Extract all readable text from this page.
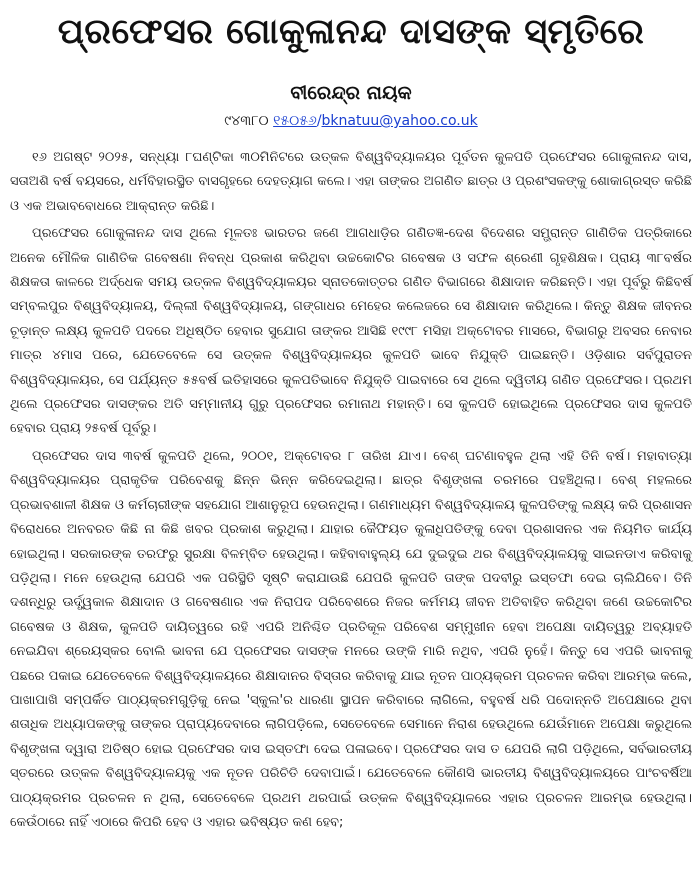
ପ୍ରଫେସର ଗୋକୁଳାନନ୍ଦ ଦାସଙ୍କ ସ୍ମୃତିରେ
ବୀରେନ୍ଦ୍ର ନାୟକ
୯୪୩୮୦ ୧୫୦୫୬/bknatuu@yahoo.co.uk

୧୬ ଅଗଷ୍ଟ ୨୦୨୫, ସନ୍ଧ୍ୟା ୮ଘଣ୍ଟିକା ୩୦ମିନିଟରେ ଉତ୍କଳ ବିଶ୍ୱବିଦ୍ୟାଳୟର ପୂର୍ବତନ କୁଳପତି ପ୍ରଫେସର ଗୋକୁଳାନନ୍ଦ ଦାସ, ସତାଅଶି ବର୍ଷ ବୟସରେ, ଧର୍ମବିହାରସ୍ଥିତ ବାସଗୃହରେ ଦେହତ୍ୟାଗ କଲେ। ଏହା ତାଙ୍କର ଅଗଣିତ ଛାତ୍ର ଓ ପ୍ରଶଂସକଙ୍କୁ ଶୋକାଗ୍ରସ୍ତ କରିଛି ଓ ଏକ ଅଭାବବୋଧରେ ଆକ୍ରାନ୍ତ କରିଛି।

ପ୍ରଫେସର ଗୋକୁଳାନନ୍ଦ ଦାସ ଥିଲେ ମୂଳତଃ ଭାରତର ଜଣେ ଆଗଧାଡ଼ିର ଗଣିତଜ୍ଞ-ଦେଶ ବିଦେଶର ସମ୍ଭ୍ରାନ୍ତ ଗାଣିତିକ ପତ୍ରିକାରେ ଅନେକ ମୌଳିକ ଗାଣିତିକ ଗବେଷଣା ନିବନ୍ଧ ପ୍ରକାଶ କରିଥିବା ଉଚ୍ଚକୋଟିର ଗବେଷକ ଓ ସଫଳ ଶ୍ରେଣୀ ଗୃହଶିକ୍ଷକ। ପ୍ରାୟ ୩୮ବର୍ଷର ଶିକ୍ଷକତା କାଳରେ ଅର୍ଦ୍ଧେକ ସମୟ ଉତ୍କଳ ବିଶ୍ୱବିଦ୍ୟାଳୟର ସ୍ନାତକୋତ୍ତର ଗଣିତ ବିଭାଗରେ ଶିକ୍ଷାଦାନ କରିଛନ୍ତି। ଏହା ପୂର୍ବରୁ କିଛିବର୍ଷ ସମ୍ବଲପୁର ବିଶ୍ୱବିଦ୍ୟାଳୟ, ଦିଲ୍ଲୀ ବିଶ୍ୱବିଦ୍ୟାଳୟ, ଗଙ୍ଗାଧର ମେହେର କଲେଜରେ ସେ ଶିକ୍ଷାଦାନ କରିଥିଲେ। କିନ୍ତୁ ଶିକ୍ଷକ ଜୀବନର ଚୂଡ଼ାନ୍ତ ଲକ୍ଷ୍ୟ କୁଳପତି ପଦରେ ଅଧିଷ୍ଠିତ ହେବାର ସୁଯୋଗ ତାଙ୍କର ଆସିଛି ୧୯୯୮ ମସିହା ଅକ୍ଟୋବର ମାସରେ, ବିଭାଗରୁ ଅବସର ନେବାର ମାତ୍ର ୪ମାସ ପରେ, ଯେତେବେଳେ ସେ ଉତ୍କଳ ବିଶ୍ୱବିଦ୍ୟାଳୟର କୁଳପତି ଭାବେ ନିଯୁକ୍ତି ପାଇଛନ୍ତି। ଓଡ଼ିଶାର ସର୍ବପୁରାତନ ବିଶ୍ୱବିଦ୍ୟାଳୟର, ସେ ପର୍ଯ୍ୟନ୍ତ ୫୫ବର୍ଷ ଇତିହାସରେ କୁଳପତିଭାବେ ନିଯୁକ୍ତି ପାଇବାରେ ସେ ଥିଲେ ଦ୍ୱିତୀୟ ଗଣିତ ପ୍ରଫେସର। ପ୍ରଥମ ଥିଲେ ପ୍ରଫେସର ଦାସଙ୍କର ଅତି ସମ୍ମାନୀୟ ଗୁରୁ ପ୍ରଫେସର ରମାନାଥ ମହାନ୍ତି। ସେ କୁଳପତି ହୋଇଥିଲେ ପ୍ରଫେସର ଦାସ କୁଳପତି ହେବାର ପ୍ରାୟ ୨୫ବର୍ଷ ପୂର୍ବରୁ।

ପ୍ରଫେସର ଦାସ ୩ବର୍ଷ କୁଳପତି ଥିଲେ, ୨୦୦୧, ଅକ୍ଟୋବର ୮ ତାରିଖ ଯାଏ। ବେଶ୍ ଘଟଣାବହୁଳ ଥିଲା ଏହି ତିନି ବର୍ଷ। ମହାବାତ୍ୟା ବିଶ୍ୱବିଦ୍ୟାଳୟର ପ୍ରାକୃତିକ ପରିବେଶକୁ ଛିନ୍ନ ଭିନ୍ନ କରିଦେଇଥିଲା। ଛାତ୍ର ବିଶୃଙ୍ଖଳା ଚରମରେ ପହଞ୍ଚିଥିଲା। ବେଶ୍ ମହଲରେ ପ୍ରଭାବଶାଳୀ ଶିକ୍ଷକ ଓ କର୍ମଚାରୀଙ୍କ ସହଯୋଗ ଆଶାନୁରୂପ ହେଉନଥିଲା। ଗଣମାଧ୍ୟମ ବିଶ୍ୱବିଦ୍ୟାଳୟ କୁଳପତିଙ୍କୁ ଲକ୍ଷ୍ୟ କରି ପ୍ରଶାସନ ବିରୋଧରେ ଅନବରତ କିଛି ନା କିଛି ଖବର ପ୍ରକାଶ କରୁଥିଲା। ଯାହାର କୈଫିୟତ କୁଳାଧିପତିଙ୍କୁ ଦେବା ପ୍ରଶାସନର ଏକ ନିୟମିତ କାର୍ଯ୍ୟ ହୋଇଥିଲା। ସରକାରଙ୍କ ତରଫରୁ ସୁରକ୍ଷା ବିଳମ୍ବିତ ହେଉଥିଲା। କହିବାବାହୁଲ୍ୟ ଯେ ଦୁଇଦୁଇ ଥର ବିଶ୍ୱବିଦ୍ୟାଳୟକୁ ସାଇନଡାଏ କରିବାକୁ ପଡ଼ିଥିଲା। ମନେ ହେଉଥିଲା ଯେପରି ଏକ ପରିସ୍ଥିତି ସୃଷ୍ଟି କରାଯାଉଛି ଯେପରି କୁଳପତି ତାଙ୍କ ପଦବୀରୁ ଇସ୍ତଫା ଦେଇ ଚାଲିଯିବେ। ତିନି ଦଶନ୍ଧିରୁ ଊର୍ଦ୍ଧ୍ୱକାଳ ଶିକ୍ଷାଦାନ ଓ ଗବେଷଣାର ଏକ ନିରାପଦ ପରିବେଶରେ ନିଜର କର୍ମମୟ ଜୀବନ ଅତିବାହିତ କରିଥିବା ଜଣେ ଉଚ୍ଚକୋଟିର ଗବେଷକ ଓ ଶିକ୍ଷକ, କୁଳପତି ଦାୟିତ୍ୱରେ ରହି ଏପରି ଅନିଶ୍ଚିତ ପ୍ରତିକୂଳ ପରିବେଶ ସମ୍ମୁଖୀନ ହେବା ଅପେକ୍ଷା ଦାୟିତ୍ୱରୁ ଅବ୍ୟାହତି ନେଇଯିବା ଶ୍ରେୟସ୍କର ବୋଲି ଭାବନା ଯେ ପ୍ରଫେସର ଦାସଙ୍କ ମନରେ ଉଙ୍କି ମାରି ନଥିବ, ଏପରି ନୁହେଁ। କିନ୍ତୁ ସେ ଏପରି ଭାବନାକୁ ପଛରେ ପକାଇ ଯେତେବେଳେ ବିଶ୍ୱବିଦ୍ୟାଳୟରେ ଶିକ୍ଷାଦାନର ବିସ୍ତାର କରିବାକୁ ଯାଇ ନୂତନ ପାଠ୍ୟକ୍ରମ ପ୍ରଚଳନ କରିବା ଆରମ୍ଭ କଲେ, ପାଖାପାଖି ସମ୍ପର୍କିତ ପାଠ୍ୟକ୍ରମଗୁଡ଼ିକୁ ନେଇ 'ସ୍କୁଲ'ର ଧାରଣା ସ୍ଥାପନ କରିବାରେ ଲାଗିଲେ, ବହୁବର୍ଷ ଧରି ପଦୋନ୍ନତି ଅପେକ୍ଷାରେ ଥିବା ଶତାଧିକ ଅଧ୍ୟାପକଙ୍କୁ ତାଙ୍କର ପ୍ରାପ୍ୟଦେବାରେ ଲାଗିପଡ଼ିଲେ, ସେତେବେଳେ ସେମାନେ ନିରାଶ ହେଉଥିଲେ ଯେଉଁମାନେ ଅପେକ୍ଷା କରୁଥିଲେ ବିଶୃଙ୍ଖଳା ଦ୍ୱାରା ଅତିଷ୍ଠ ହୋଇ ପ୍ରଫେସର ଦାସ ଇସ୍ତଫା ଦେଇ ପଳାଇବେ। ପ୍ରଫେସର ଦାସ ତ ଯେପରି ଲାଗି ପଡ଼ିଥିଲେ, ସର୍ବଭାରତୀୟ ସ୍ତରରେ ଉତ୍କଳ ବିଶ୍ୱବିଦ୍ୟାଳୟକୁ ଏକ ନୂତନ ପରିଚିତି ଦେବାପାଇଁ। ଯେତେବେଳେ କୌଣସି ଭାରତୀୟ ବିଶ୍ୱବିଦ୍ୟାଳୟରେ ପାଂଚବର୍ଷିଆ ପାଠ୍ୟକ୍ରମର ପ୍ରଚଳନ ନ ଥିଲା, ସେତେବେଳେ ପ୍ରଥମ ଥରପାଇଁ ଉତ୍କଳ ବିଶ୍ୱବିଦ୍ୟାଳରେ ଏହାର ପ୍ରଚଳନ ଆରମ୍ଭ ହେଉଥିଲା। କେଉଁଠାରେ ନାହିଁ ଏଠାରେ କିପରି ହେବ ଓ ଏହାର ଭବିଷ୍ୟତ କଣ ହେବ;
